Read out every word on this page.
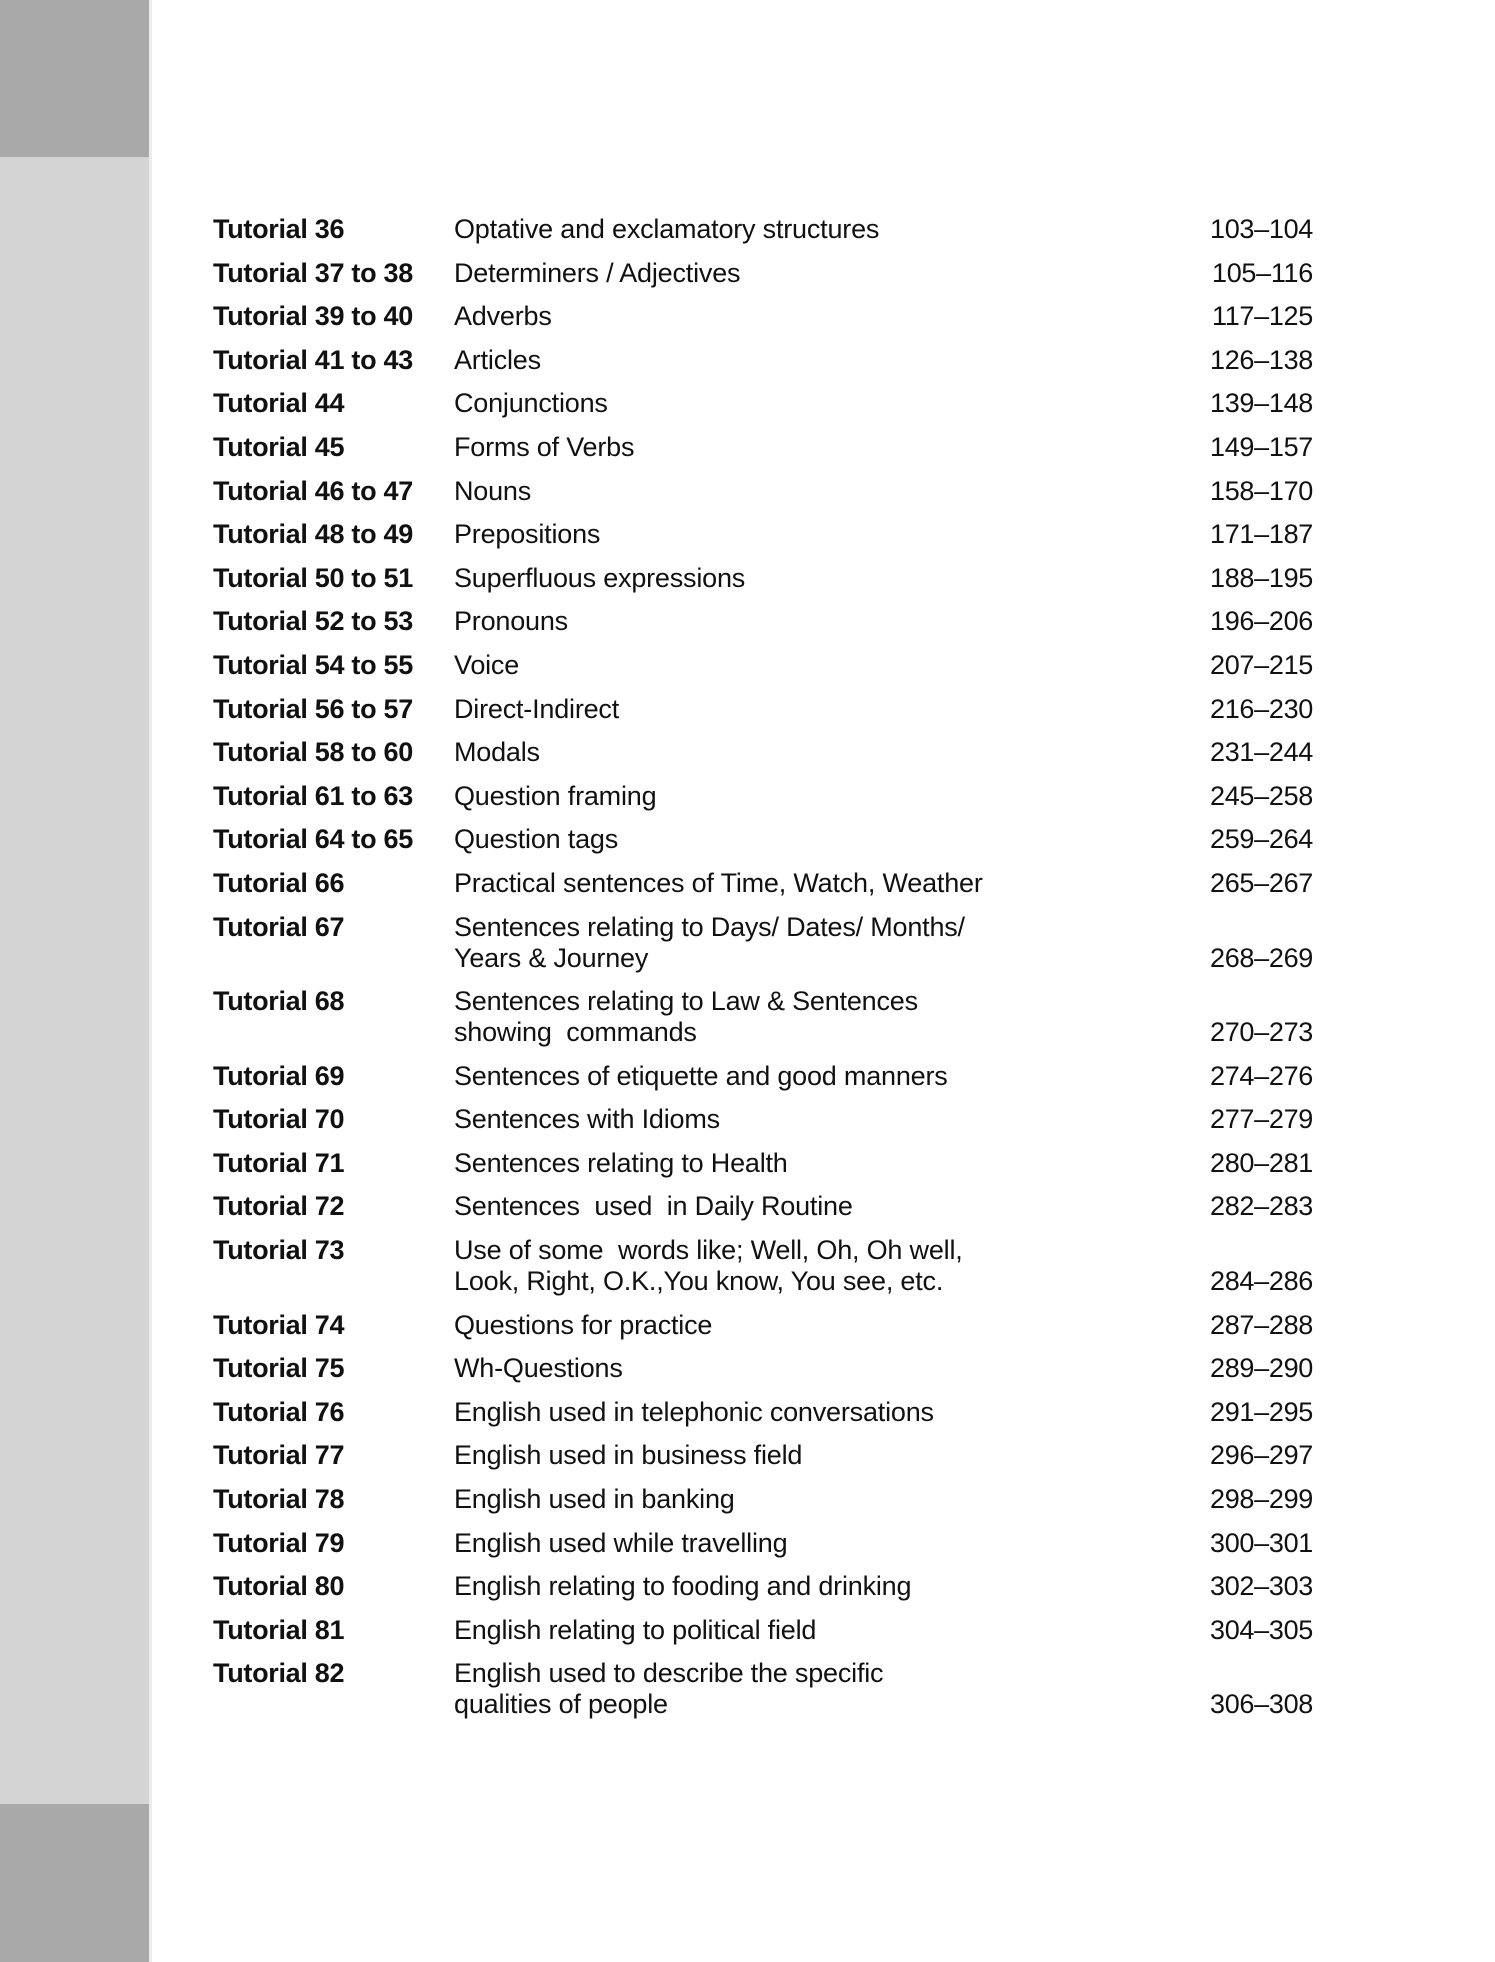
Tutorial 36	Optative and exclamatory structures	103–104
Tutorial 37 to 38 Determiners / Adjectives	105–116
Tutorial 39 to 40 Adverbs	117–125
Tutorial 41 to 43 Articles	126–138
Tutorial 44	Conjunctions	139–148
Tutorial 45	Forms of Verbs	149–157
Tutorial 46 to 47 Nouns	158–170
Tutorial 48 to 49 Prepositions	171–187
Tutorial 50 to 51 Superfluous expressions	188–195
Tutorial 52 to 53 Pronouns	196–206
Tutorial 54 to 55 Voice	207–215
Tutorial 56 to 57 Direct-Indirect	216–230
Tutorial 58 to 60 Modals	231–244
Tutorial 61 to 63 Question framing	245–258
Tutorial 64 to 65 Question tags	259–264
Tutorial 66	Practical sentences of Time, Watch, Weather	265–267
Tutorial 67	Sentences relating to Days/ Dates/ Months/
Years & Journey	268–269
Tutorial 68	Sentences relating to Law & Sentences
showing  commands	270–273
Tutorial 69	Sentences of etiquette and good manners	274–276
Tutorial 70	Sentences with Idioms	277–279
Tutorial 71	Sentences relating to Health	280–281
Tutorial 72	Sentences  used  in Daily Routine	282–283
Tutorial 73	Use of some  words like; Well, Oh, Oh well,
Look, Right, O.K.,You know, You see, etc.	284–286
Tutorial 74	Questions for practice	287–288
Tutorial 75	Wh-Questions	289–290
Tutorial 76	English used in telephonic conversations	291–295
Tutorial 77	English used in business field	296–297
Tutorial 78	English used in banking	298–299
Tutorial 79	English used while travelling	300–301
Tutorial 80	English relating to fooding and drinking	302–303
Tutorial 81	English relating to political field	304–305
Tutorial 82	English used to describe the specific
qualities of people	306–308
